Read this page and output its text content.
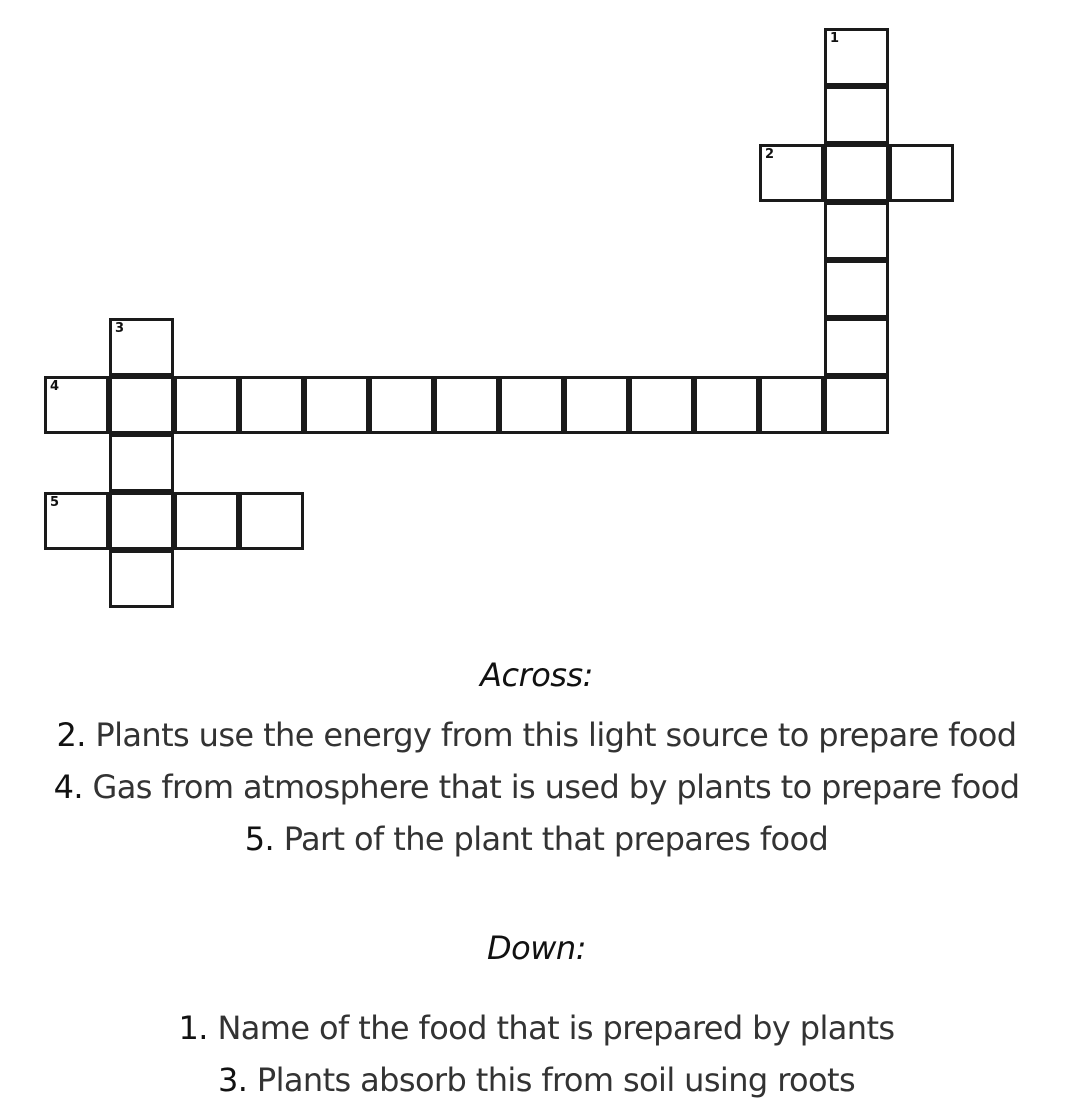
1
2
3
4
5
Across:
2. Plants use the energy from this light source to prepare food
4. Gas from atmosphere that is used by plants to prepare food
5. Part of the plant that prepares food
Down:
1. Name of the food that is prepared by plants
3. Plants absorb this from soil using roots
